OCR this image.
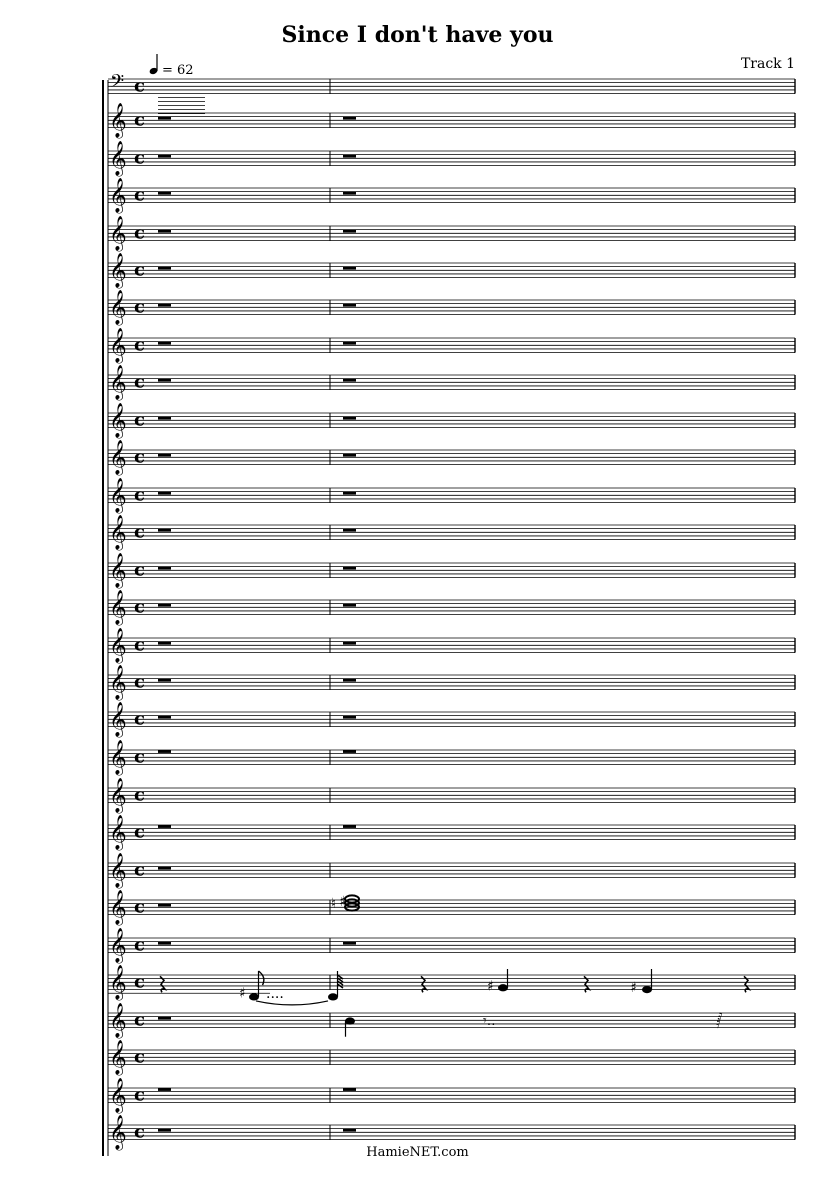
Since I don't have you
Track 1
= 62
𝄢 c
𝄞 c
𝄞 c
𝄞 c
𝄞 c
𝄞 c
𝄞 c
𝄞 c
𝄞 c
𝄞 c
𝄞 c
𝄞 c
𝄞 c
𝄞 c
𝄞 c
𝄞 c
𝄞 c
𝄞 c
𝄞 c
𝄞 c
𝄞 c
𝄞 c
𝄞 c	♮ ♯
𝄞 c
𝄞 c
♯ ....	♯	♯
𝄞 c	𝄾..	𝅂
𝄞 c
𝄞 c
𝄞 c
HamieNET.com
